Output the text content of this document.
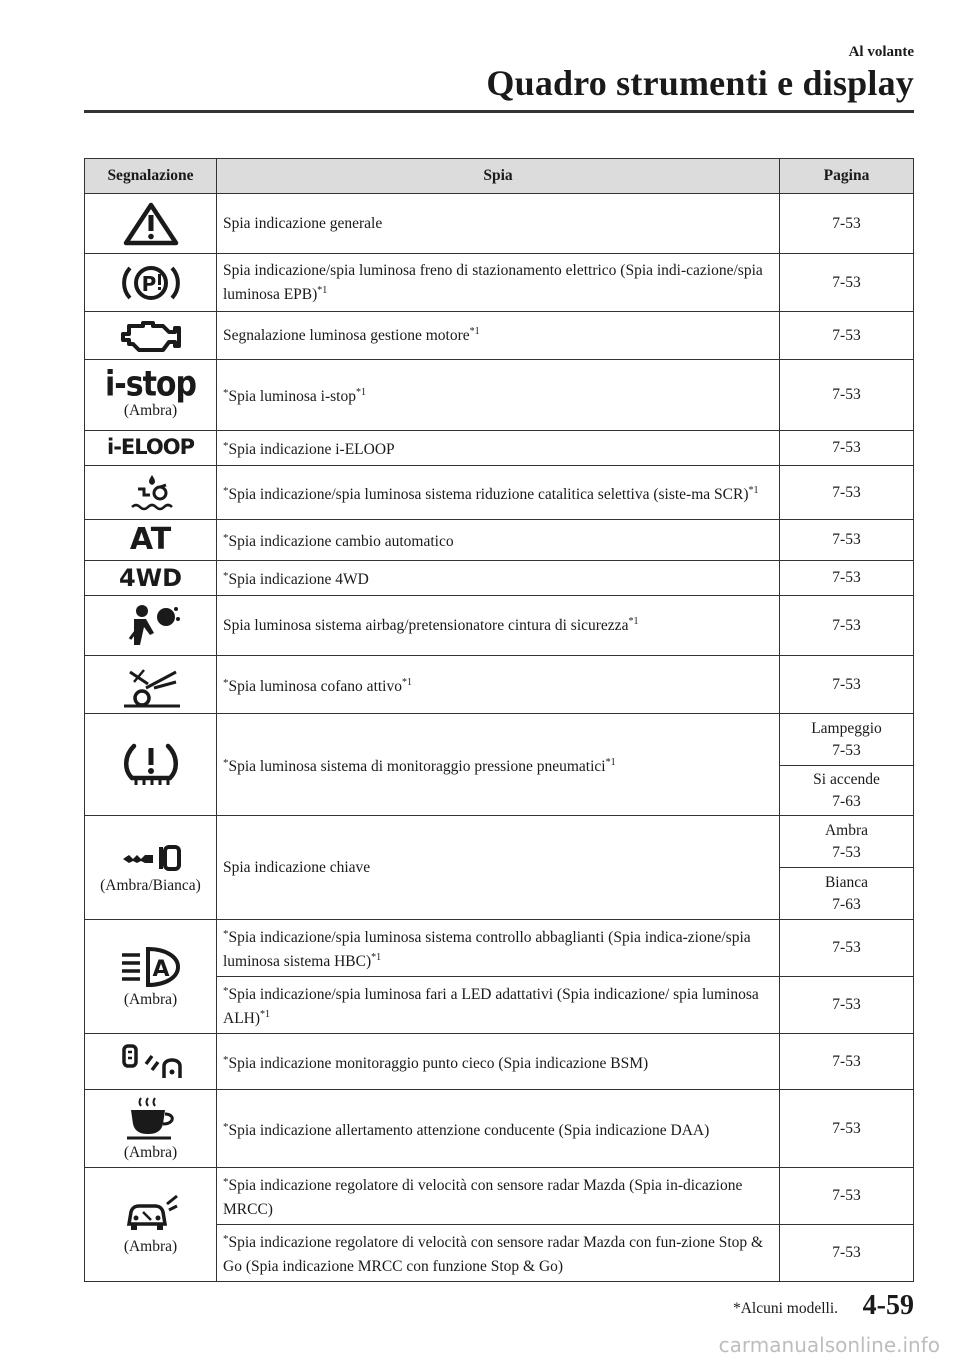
Al volante
Quadro strumenti e display
Segnalazione	Spia	Pagina

	Spia indicazione generale	7-53

P	Spia indicazione/spia luminosa freno di stazionamento elettrico (Spia indi-cazione/spia luminosa EPB)$^{*1}$	7-53

	Segnalazione luminosa gestione motore$^{*1}$	7-53
i-stop
(Ambra)	*Spia luminosa i-stop$^{*1}$	7-53
i-ELOOP	*Spia indicazione i-ELOOP	7-53

	*Spia indicazione/spia luminosa sistema riduzione catalitica selettiva (siste-ma SCR)$^{*1}$	7-53
AT	*Spia indicazione cambio automatico	7-53
4WD	*Spia indicazione 4WD	7-53

	Spia luminosa sistema airbag/pretensionatore cintura di sicurezza$^{*1}$	7-53

	*Spia luminosa cofano attivo$^{*1}$	7-53

	*Spia luminosa sistema di monitoraggio pressione pneumatici$^{*1}$	Lampeggio
7-53
		Si accende
7-63

(Ambra/Bianca)	Spia indicazione chiave	Ambra
7-53
		Bianca
7-63

A
(Ambra)	*Spia indicazione/spia luminosa sistema controllo abbaglianti (Spia indica-zione/spia luminosa sistema HBC)$^{*1}$	7-53
	*Spia indicazione/spia luminosa fari a LED adattativi (Spia indicazione/ spia luminosa ALH)$^{*1}$	7-53

	*Spia indicazione monitoraggio punto cieco (Spia indicazione BSM)	7-53

(Ambra)	*Spia indicazione allertamento attenzione conducente (Spia indicazione DAA)	7-53

(Ambra)	*Spia indicazione regolatore di velocità con sensore radar Mazda (Spia in-dicazione MRCC)	7-53
	*Spia indicazione regolatore di velocità con sensore radar Mazda con fun-zione Stop & Go (Spia indicazione MRCC con funzione Stop & Go)	7-53
*Alcuni modelli. 4-59
carmanualsonline.info
